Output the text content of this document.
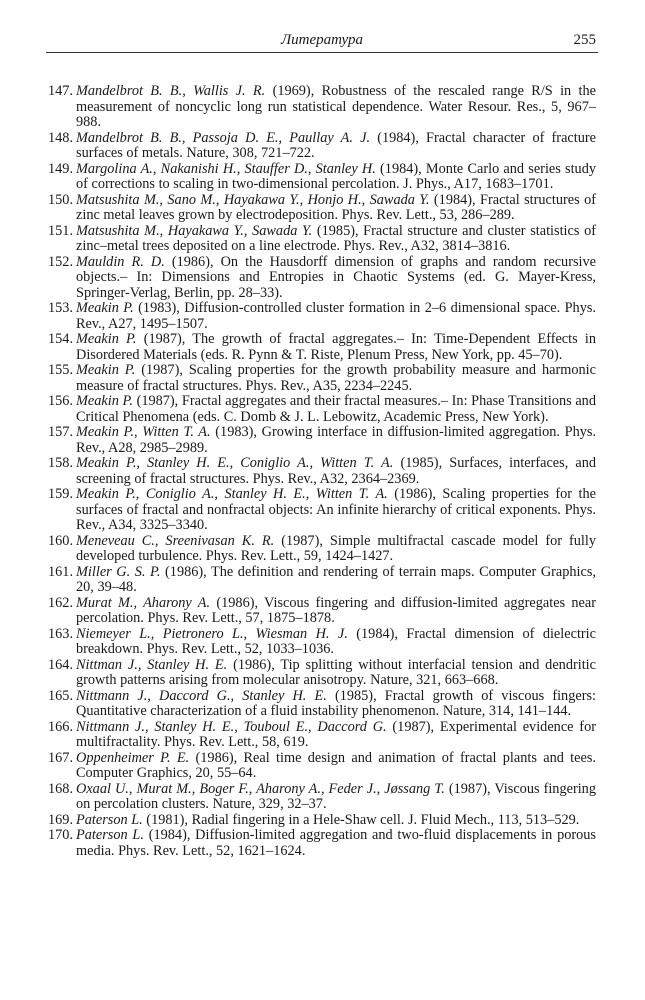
Литература	255
147. Mandelbrot B. B., Wallis J. R. (1969), Robustness of the rescaled range R/S in the measurement of noncyclic long run statistical dependence. Water Resour. Res., 5, 967–988.
148. Mandelbrot B. B., Passoja D. E., Paullay A. J. (1984), Fractal character of fracture surfaces of metals. Nature, 308, 721–722.
149. Margolina A., Nakanishi H., Stauffer D., Stanley H. (1984), Monte Carlo and series study of corrections to scaling in two-dimensional percolation. J. Phys., A17, 1683–1701.
150. Matsushita M., Sano M., Hayakawa Y., Honjo H., Sawada Y. (1984), Fractal structures of zinc metal leaves grown by electrodeposition. Phys. Rev. Lett., 53, 286–289.
151. Matsushita M., Hayakawa Y., Sawada Y. (1985), Fractal structure and cluster statistics of zinc–metal trees deposited on a line electrode. Phys. Rev., A32, 3814–3816.
152. Mauldin R. D. (1986), On the Hausdorff dimension of graphs and random recursive objects.– In: Dimensions and Entropies in Chaotic Systems (ed. G. Mayer-Kress, Springer-Verlag, Berlin, pp. 28–33).
153. Meakin P. (1983), Diffusion-controlled cluster formation in 2–6 dimensional space. Phys. Rev., A27, 1495–1507.
154. Meakin P. (1987), The growth of fractal aggregates.– In: Time-Dependent Effects in Disordered Materials (eds. R. Pynn & T. Riste, Plenum Press, New York, pp. 45–70).
155. Meakin P. (1987), Scaling properties for the growth probability measure and harmonic measure of fractal structures. Phys. Rev., A35, 2234–2245.
156. Meakin P. (1987), Fractal aggregates and their fractal measures.– In: Phase Transitions and Critical Phenomena (eds. C. Domb & J. L. Lebowitz, Academic Press, New York).
157. Meakin P., Witten T. A. (1983), Growing interface in diffusion-limited aggregation. Phys. Rev., A28, 2985–2989.
158. Meakin P., Stanley H. E., Coniglio A., Witten T. A. (1985), Surfaces, interfaces, and screening of fractal structures. Phys. Rev., A32, 2364–2369.
159. Meakin P., Coniglio A., Stanley H. E., Witten T. A. (1986), Scaling properties for the surfaces of fractal and nonfractal objects: An infinite hierarchy of critical exponents. Phys. Rev., A34, 3325–3340.
160. Meneveau C., Sreenivasan K. R. (1987), Simple multifractal cascade model for fully developed turbulence. Phys. Rev. Lett., 59, 1424–1427.
161. Miller G. S. P. (1986), The definition and rendering of terrain maps. Computer Graphics, 20, 39–48.
162. Murat M., Aharony A. (1986), Viscous fingering and diffusion-limited aggregates near percolation. Phys. Rev. Lett., 57, 1875–1878.
163. Niemeyer L., Pietronero L., Wiesman H. J. (1984), Fractal dimension of dielectric breakdown. Phys. Rev. Lett., 52, 1033–1036.
164. Nittman J., Stanley H. E. (1986), Tip splitting without interfacial tension and dendritic growth patterns arising from molecular anisotropy. Nature, 321, 663–668.
165. Nittmann J., Daccord G., Stanley H. E. (1985), Fractal growth of viscous fingers: Quantitative characterization of a fluid instability phenomenon. Nature, 314, 141–144.
166. Nittmann J., Stanley H. E., Touboul E., Daccord G. (1987), Experimental evidence for multifractality. Phys. Rev. Lett., 58, 619.
167. Oppenheimer P. E. (1986), Real time design and animation of fractal plants and tees. Computer Graphics, 20, 55–64.
168. Oxaal U., Murat M., Boger F., Aharony A., Feder J., Jøssang T. (1987), Viscous fingering on percolation clusters. Nature, 329, 32–37.
169. Paterson L. (1981), Radial fingering in a Hele-Shaw cell. J. Fluid Mech., 113, 513–529.
170. Paterson L. (1984), Diffusion-limited aggregation and two-fluid displacements in porous media. Phys. Rev. Lett., 52, 1621–1624.
